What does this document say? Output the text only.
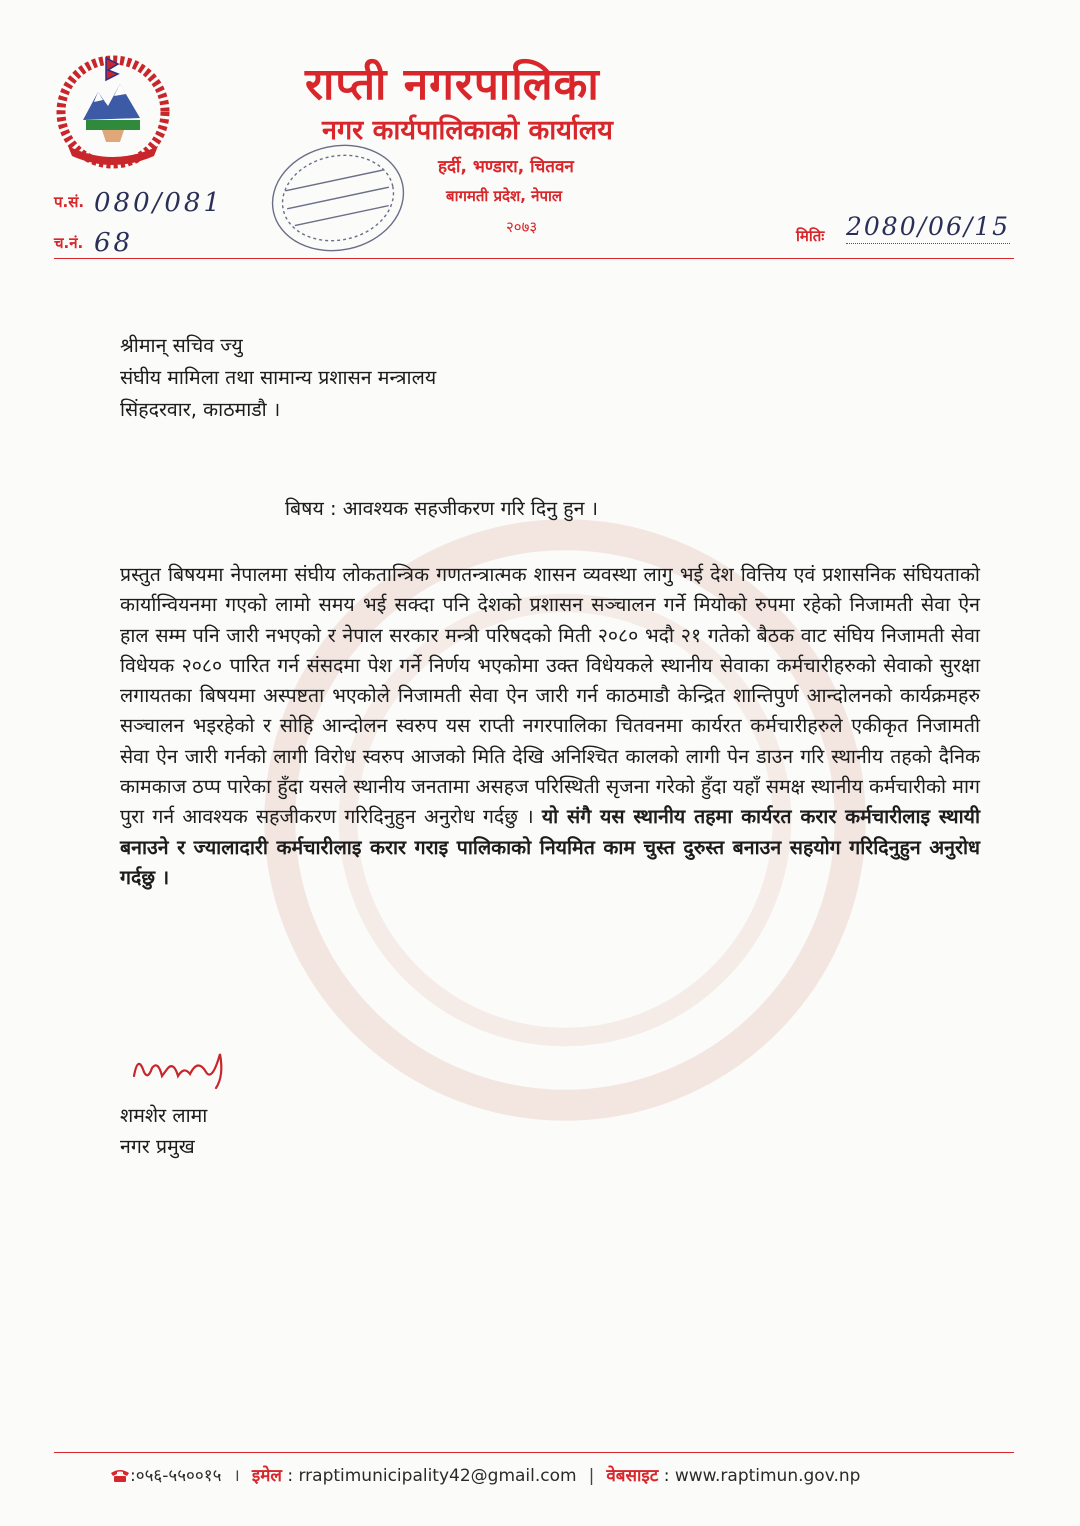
राप्ती नगरपालिका
नगर कार्यपालिकाको कार्यालय
हर्दी, भण्डारा, चितवन
बागमती प्रदेश, नेपाल
२०७३
प.सं. 080/081
च.नं. 68	मितिः 2080/06/15
श्रीमान् सचिव ज्यु
संघीय मामिला तथा सामान्य प्रशासन मन्त्रालय
सिंहदरवार, काठमाडौ ।
बिषय : आवश्यक सहजीकरण गरि दिनु हुन ।
प्रस्तुत बिषयमा नेपालमा संघीय लोकतान्त्रिक गणतन्त्रात्मक शासन व्यवस्था लागु भई देश वित्तिय एवं प्रशासनिक संघियताको कार्यान्वियनमा गएको लामो समय भई सक्दा पनि देशको प्रशासन सञ्चालन गर्ने मियोको रुपमा रहेको निजामती सेवा ऐन हाल सम्म पनि जारी नभएको र नेपाल सरकार मन्त्री परिषदको मिती २०८० भदौ २१ गतेको बैठक वाट संघिय निजामती सेवा विधेयक २०८० पारित गर्न संसदमा पेश गर्ने निर्णय भएकोमा उक्त विधेयकले स्थानीय सेवाका कर्मचारीहरुको सेवाको सुरक्षा लगायतका बिषयमा अस्पष्टता भएकोले निजामती सेवा ऐन जारी गर्न काठमाडौ केन्द्रित शान्तिपुर्ण आन्दोलनको कार्यक्रमहरु सञ्चालन भइरहेको र सोहि आन्दोलन स्वरुप यस राप्ती नगरपालिका चितवनमा कार्यरत कर्मचारीहरुले एकीकृत निजामती सेवा ऐन जारी गर्नको लागी विरोध स्वरुप आजको मिति देखि अनिश्चित कालको लागी पेन डाउन गरि स्थानीय तहको दैनिक कामकाज ठप्प पारेका हुँदा यसले स्थानीय जनतामा असहज परिस्थिती सृजना गरेको हुँदा यहाँ समक्ष स्थानीय कर्मचारीको माग पुरा गर्न आवश्यक सहजीकरण गरिदिनुहुन अनुरोध गर्दछु । यो संगै यस स्थानीय तहमा कार्यरत करार कर्मचारीलाइ स्थायी बनाउने र ज्यालादारी कर्मचारीलाइ करार गराइ पालिकाको नियमित काम चुस्त दुरुस्त बनाउन सहयोग गरिदिनुहुन अनुरोध गर्दछु ।
शमशेर लामा
नगर प्रमुख
:०५६-५५००१५ । इमेल : rraptimunicipality42@gmail.com | वेबसाइट : www.raptimun.gov.np
